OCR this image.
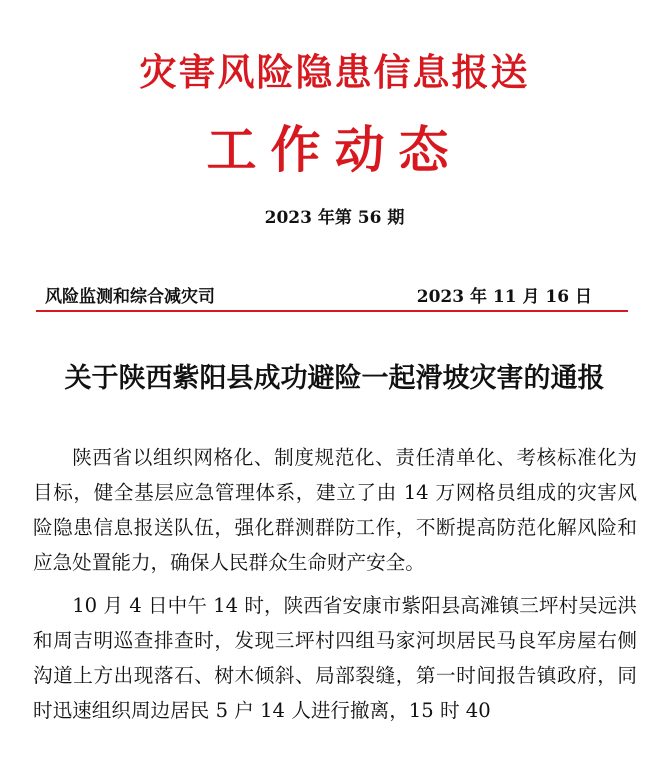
灾害风险隐患信息报送
工作动态
2023 年第 56 期
风险监测和综合减灾司	2023 年 11 月 16 日
关于陕西紫阳县成功避险一起滑坡灾害的通报

陕西省以组织网格化、制度规范化、责任清单化、考核标准化为目标，健全基层应急管理体系，建立了由 14 万网格员组成的灾害风险隐患信息报送队伍，强化群测群防工作，不断提高防范化解风险和应急处置能力，确保人民群众生命财产安全。

10 月 4 日中午 14 时，陕西省安康市紫阳县高滩镇三坪村吴远洪和周吉明巡查排查时，发现三坪村四组马家河坝居民马良军房屋右侧沟道上方出现落石、树木倾斜、局部裂缝，第一时间报告镇政府，同时迅速组织周边居民 5 户 14 人进行撤离，15 时 40
